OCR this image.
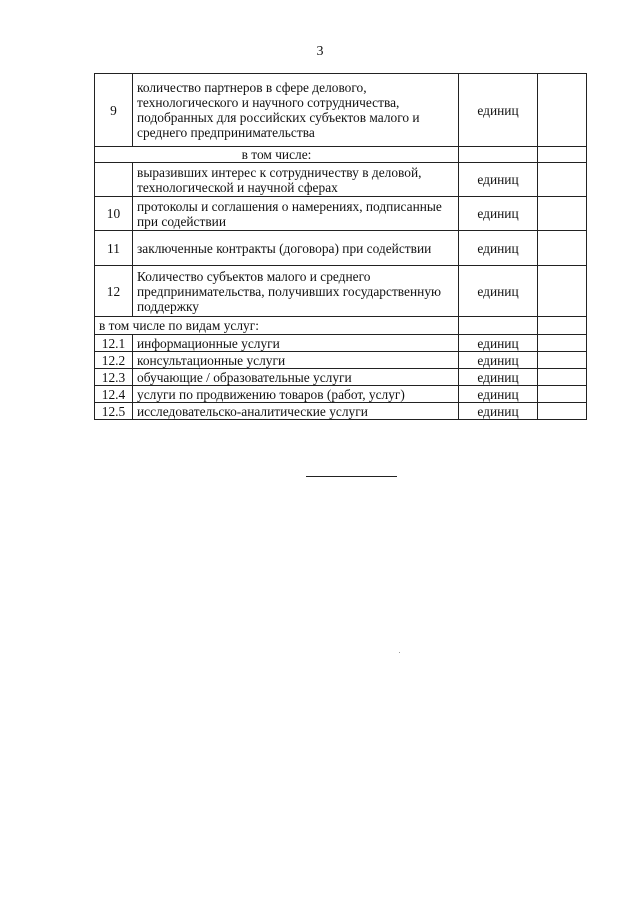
3
9	количество партнеров в сфере делового, технологического и научного сотрудничества, подобранных для российских субъектов малого и среднего предпринимательства	единиц	
в том числе:			
	выразивших интерес к сотрудничеству в деловой, технологической и научной сферах	единиц	
10	протоколы и соглашения о намерениях, подписанные при содействии	единиц	
11	заключенные контракты (договора) при содействии	единиц	
12	Количество субъектов малого и среднего предпринимательства, получивших государственную поддержку	единиц	
в том числе по видам услуг:			
12.1	информационные услуги	единиц	
12.2	консультационные услуги	единиц	
12.3	обучающие / образовательные услуги	единиц	
12.4	услуги по продвижению товаров (работ, услуг)	единиц	
12.5	исследовательско-аналитические услуги	единиц	
